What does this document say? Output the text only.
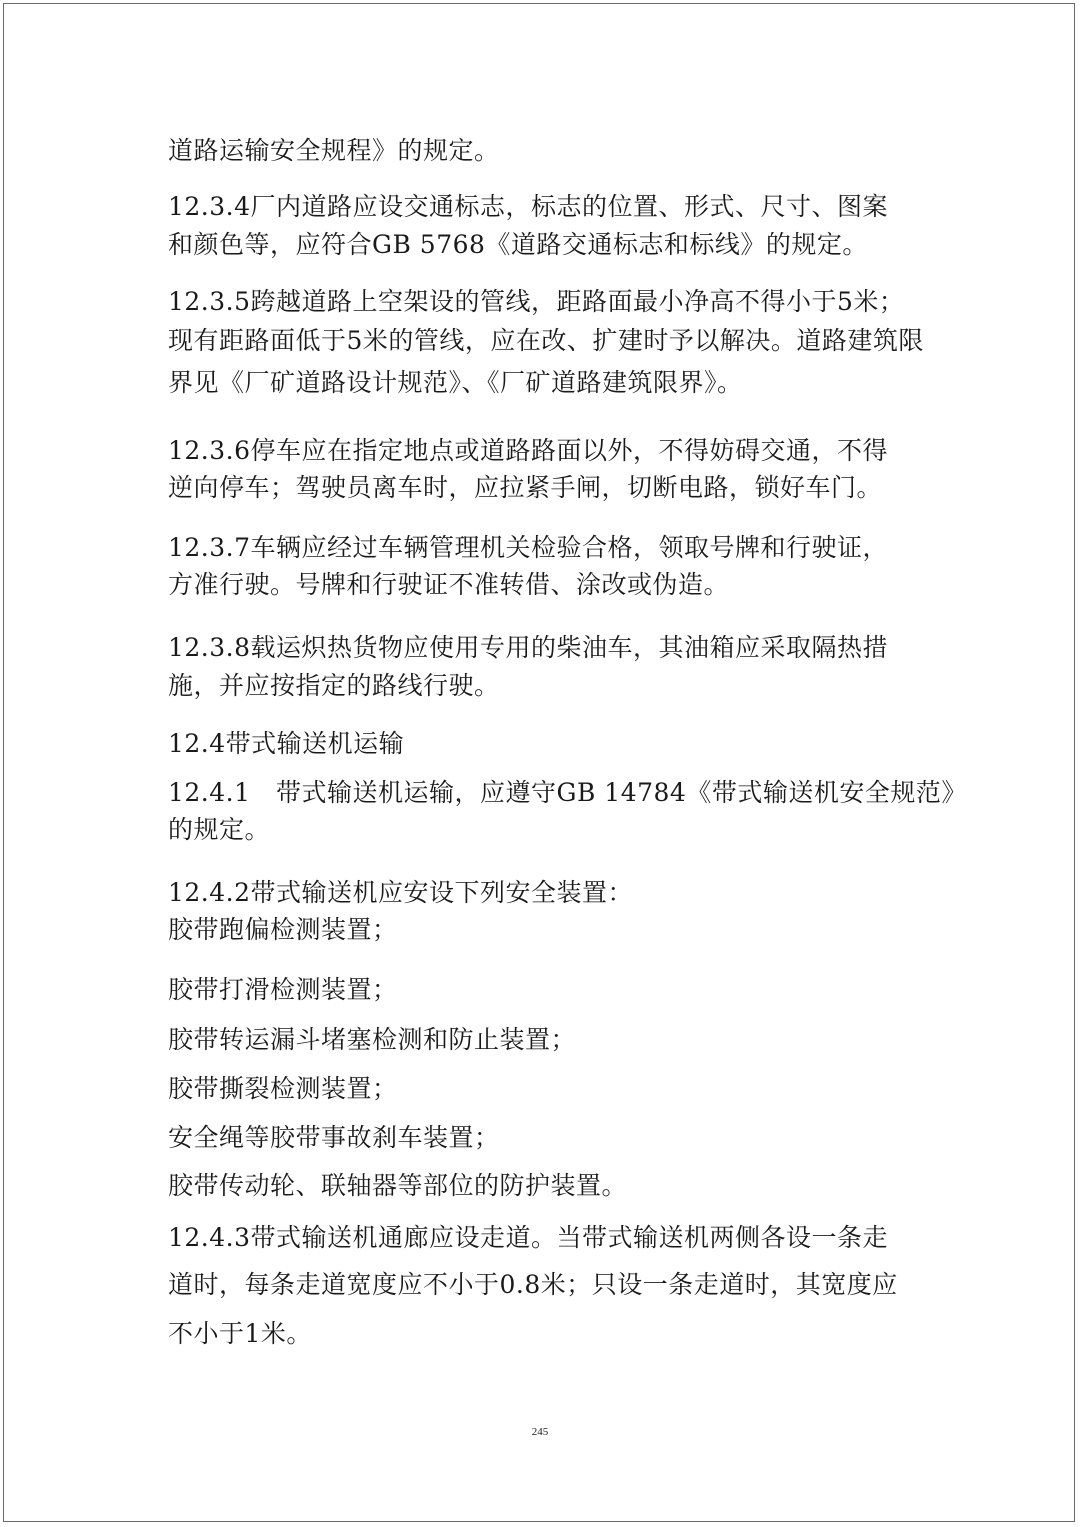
道路运输安全规程》的规定。
12.3.4厂内道路应设交通标志，标志的位置、形式、尺寸、图案
和颜色等，应符合GB 5768《道路交通标志和标线》的规定。
12.3.5跨越道路上空架设的管线，距路面最小净高不得小于5米；
现有距路面低于5米的管线，应在改、扩建时予以解决。道路建筑限
界见《厂矿道路设计规范》、《厂矿道路建筑限界》。
12.3.6停车应在指定地点或道路路面以外，不得妨碍交通，不得
逆向停车；驾驶员离车时，应拉紧手闸，切断电路，锁好车门。
12.3.7车辆应经过车辆管理机关检验合格，领取号牌和行驶证，
方准行驶。号牌和行驶证不准转借、涂改或伪造。
12.3.8载运炽热货物应使用专用的柴油车，其油箱应采取隔热措
施，并应按指定的路线行驶。
12.4带式输送机运输
12.4.1　带式输送机运输，应遵守GB 14784《带式输送机安全规范》
的规定。
12.4.2带式输送机应安设下列安全装置：
胶带跑偏检测装置；
胶带打滑检测装置；
胶带转运漏斗堵塞检测和防止装置；
胶带撕裂检测装置；
安全绳等胶带事故刹车装置；
胶带传动轮、联轴器等部位的防护装置。
12.4.3带式输送机通廊应设走道。当带式输送机两侧各设一条走
道时，每条走道宽度应不小于0.8米；只设一条走道时，其宽度应
不小于1米。
245
